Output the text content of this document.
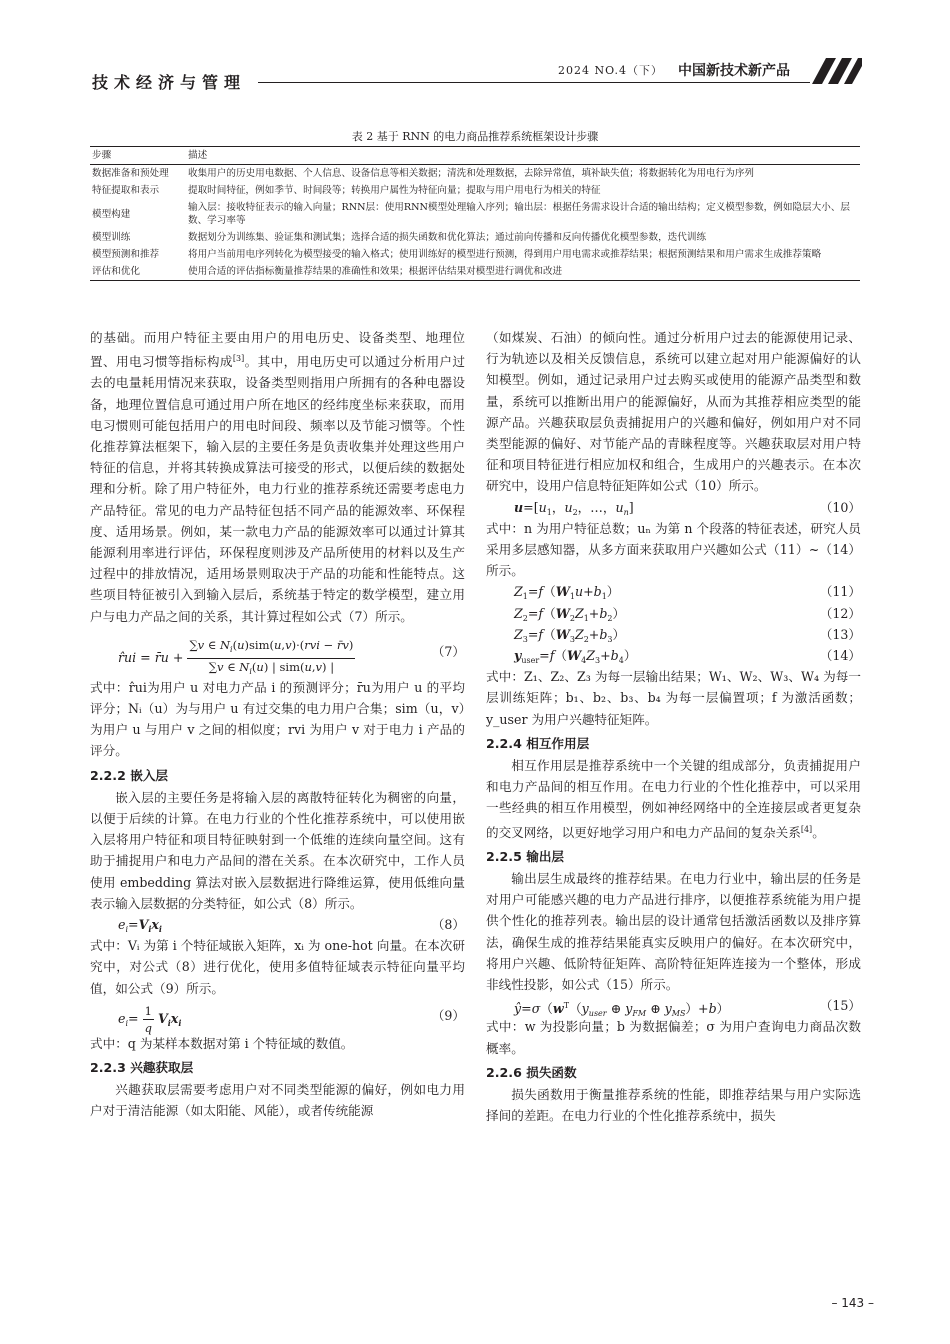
技术经济与管理
2024 NO.4（下） 中国新技术新产品
表 2 基于 RNN 的电力商品推荐系统框架设计步骤
步骤	描述
数据准备和预处理	收集用户的历史用电数据、个人信息、设备信息等相关数据；清洗和处理数据，去除异常值，填补缺失值；将数据转化为用电行为序列
特征提取和表示	提取时间特征，例如季节、时间段等；转换用户属性为特征向量；提取与用户用电行为相关的特征
模型构建	输入层：接收特征表示的输入向量；RNN层：使用RNN模型处理输入序列；输出层：根据任务需求设计合适的输出结构；定义模型参数，例如隐层大小、层数、学习率等
模型训练	数据划分为训练集、验证集和测试集；选择合适的损失函数和优化算法；通过前向传播和反向传播优化模型参数，迭代训练
模型预测和推荐	将用户当前用电序列转化为模型接受的输入格式；使用训练好的模型进行预测，得到用户用电需求或推荐结果；根据预测结果和用户需求生成推荐策略
评估和优化	使用合适的评估指标衡量推荐结果的准确性和效果；根据评估结果对模型进行调优和改进

的基础。而用户特征主要由用户的用电历史、设备类型、地理位置、用电习惯等指标构成[3]。其中，用电历史可以通过分析用户过去的电量耗用情况来获取，设备类型则指用户所拥有的各种电器设备，地理位置信息可通过用户所在地区的经纬度坐标来获取，而用电习惯则可能包括用户的用电时间段、频率以及节能习惯等。个性化推荐算法框架下，输入层的主要任务是负责收集并处理这些用户特征的信息，并将其转换成算法可接受的形式，以便后续的数据处理和分析。除了用户特征外，电力行业的推荐系统还需要考虑电力产品特征。常见的电力产品特征包括不同产品的能源效率、环保程度、适用场景。例如，某一款电力产品的能源效率可以通过计算其能源利用率进行评估，环保程度则涉及产品所使用的材料以及生产过程中的排放情况，适用场景则取决于产品的功能和性能特点。这些项目特征被引入到输入层后，系统基于特定的数学模型，建立用户与电力产品之间的关系，其计算过程如公式（7）所示。

r̂ui = r̄u + $\frac{\sum v \in N_i(u)sim(u,v)\cdot(rvi - r̄v)}{\sum v \in N_i(u) | sim(u,v) |}$	（7）

式中：r̂ui为用户 u 对电力产品 i 的预测评分；r̄u为用户 u 的平均评分；Nᵢ（u）为与用户 u 有过交集的电力用户合集；sim（u，v）为用户 u 与用户 v 之间的相似度；rvi 为用户 v 对于电力 i 产品的评分。

2.2.2 嵌入层

嵌入层的主要任务是将输入层的离散特征转化为稠密的向量，以便于后续的计算。在电力行业的个性化推荐系统中，可以使用嵌入层将用户特征和项目特征映射到一个低维的连续向量空间。这有助于捕捉用户和电力产品间的潜在关系。在本次研究中，工作人员使用 embedding 算法对嵌入层数据进行降维运算，使用低维向量表示输入层数据的分类特征，如公式（8）所示。

$e_i=V_ix_i$	（8）

式中：Vᵢ 为第 i 个特征域嵌入矩阵，xᵢ 为 one-hot 向量。在本次研究中，对公式（8）进行优化，使用多值特征域表示特征向量平均值，如公式（9）所示。

$e_i= \frac{1}{q} V_ix_i$	（9）

式中：q 为某样本数据对第 i 个特征域的数值。

2.2.3 兴趣获取层

兴趣获取层需要考虑用户对不同类型能源的偏好，例如电力用户对于清洁能源（如太阳能、风能），或者传统能源

（如煤炭、石油）的倾向性。通过分析用户过去的能源使用记录、行为轨迹以及相关反馈信息，系统可以建立起对用户能源偏好的认知模型。例如，通过记录用户过去购买或使用的能源产品类型和数量，系统可以推断出用户的能源偏好，从而为其推荐相应类型的能源产品。兴趣获取层负责捕捉用户的兴趣和偏好，例如用户对不同类型能源的偏好、对节能产品的青睐程度等。兴趣获取层对用户特征和项目特征进行相应加权和组合，生成用户的兴趣表示。在本次研究中，设用户信息特征矩阵如公式（10）所示。

$u=[u_1$，$u_2$，…，$u_n$]	（10）

式中：n 为用户特征总数；uₙ 为第 n 个段落的特征表述，研究人员采用多层感知器，从多方面来获取用户兴趣如公式（11）~（14）所示。

$Z_1=f(W_1u+b_1)$	（11）
$Z_2=f(W_2Z_1+b_2)$	（12）
$Z_3=f(W_3Z_2+b_3)$	（13）
$y_{user}=f(W_4Z_3+b_4)$	（14）

式中：Z₁、Z₂、Z₃ 为每一层输出结果；W₁、W₂、W₃、W₄ 为每一层训练矩阵；b₁、b₂、b₃、b₄ 为每一层偏置项；f 为激活函数；y_user 为用户兴趣特征矩阵。

2.2.4 相互作用层

相互作用层是推荐系统中一个关键的组成部分，负责捕捉用户和电力产品间的相互作用。在电力行业的个性化推荐中，可以采用一些经典的相互作用模型，例如神经网络中的全连接层或者更复杂的交叉网络，以更好地学习用户和电力产品间的复杂关系[4]。

2.2.5 输出层

输出层生成最终的推荐结果。在电力行业中，输出层的任务是对用户可能感兴趣的电力产品进行排序，以便推荐系统能为用户提供个性化的推荐列表。输出层的设计通常包括激活函数以及排序算法，确保生成的推荐结果能真实反映用户的偏好。在本次研究中，将用户兴趣、低阶特征矩阵、高阶特征矩阵连接为一个整体，形成非线性投影，如公式（15）所示。

$ŷ=\sigma(w^T(y_{user}$ ⊕ $y_{FM}$ ⊕ $y_{MS})+b$）	（15）

式中：w 为投影向量；b 为数据偏差；σ 为用户查询电力商品次数概率。

2.2.6 损失函数

损失函数用于衡量推荐系统的性能，即推荐结果与用户实际选择间的差距。在电力行业的个性化推荐系统中，损失

– 143 –
